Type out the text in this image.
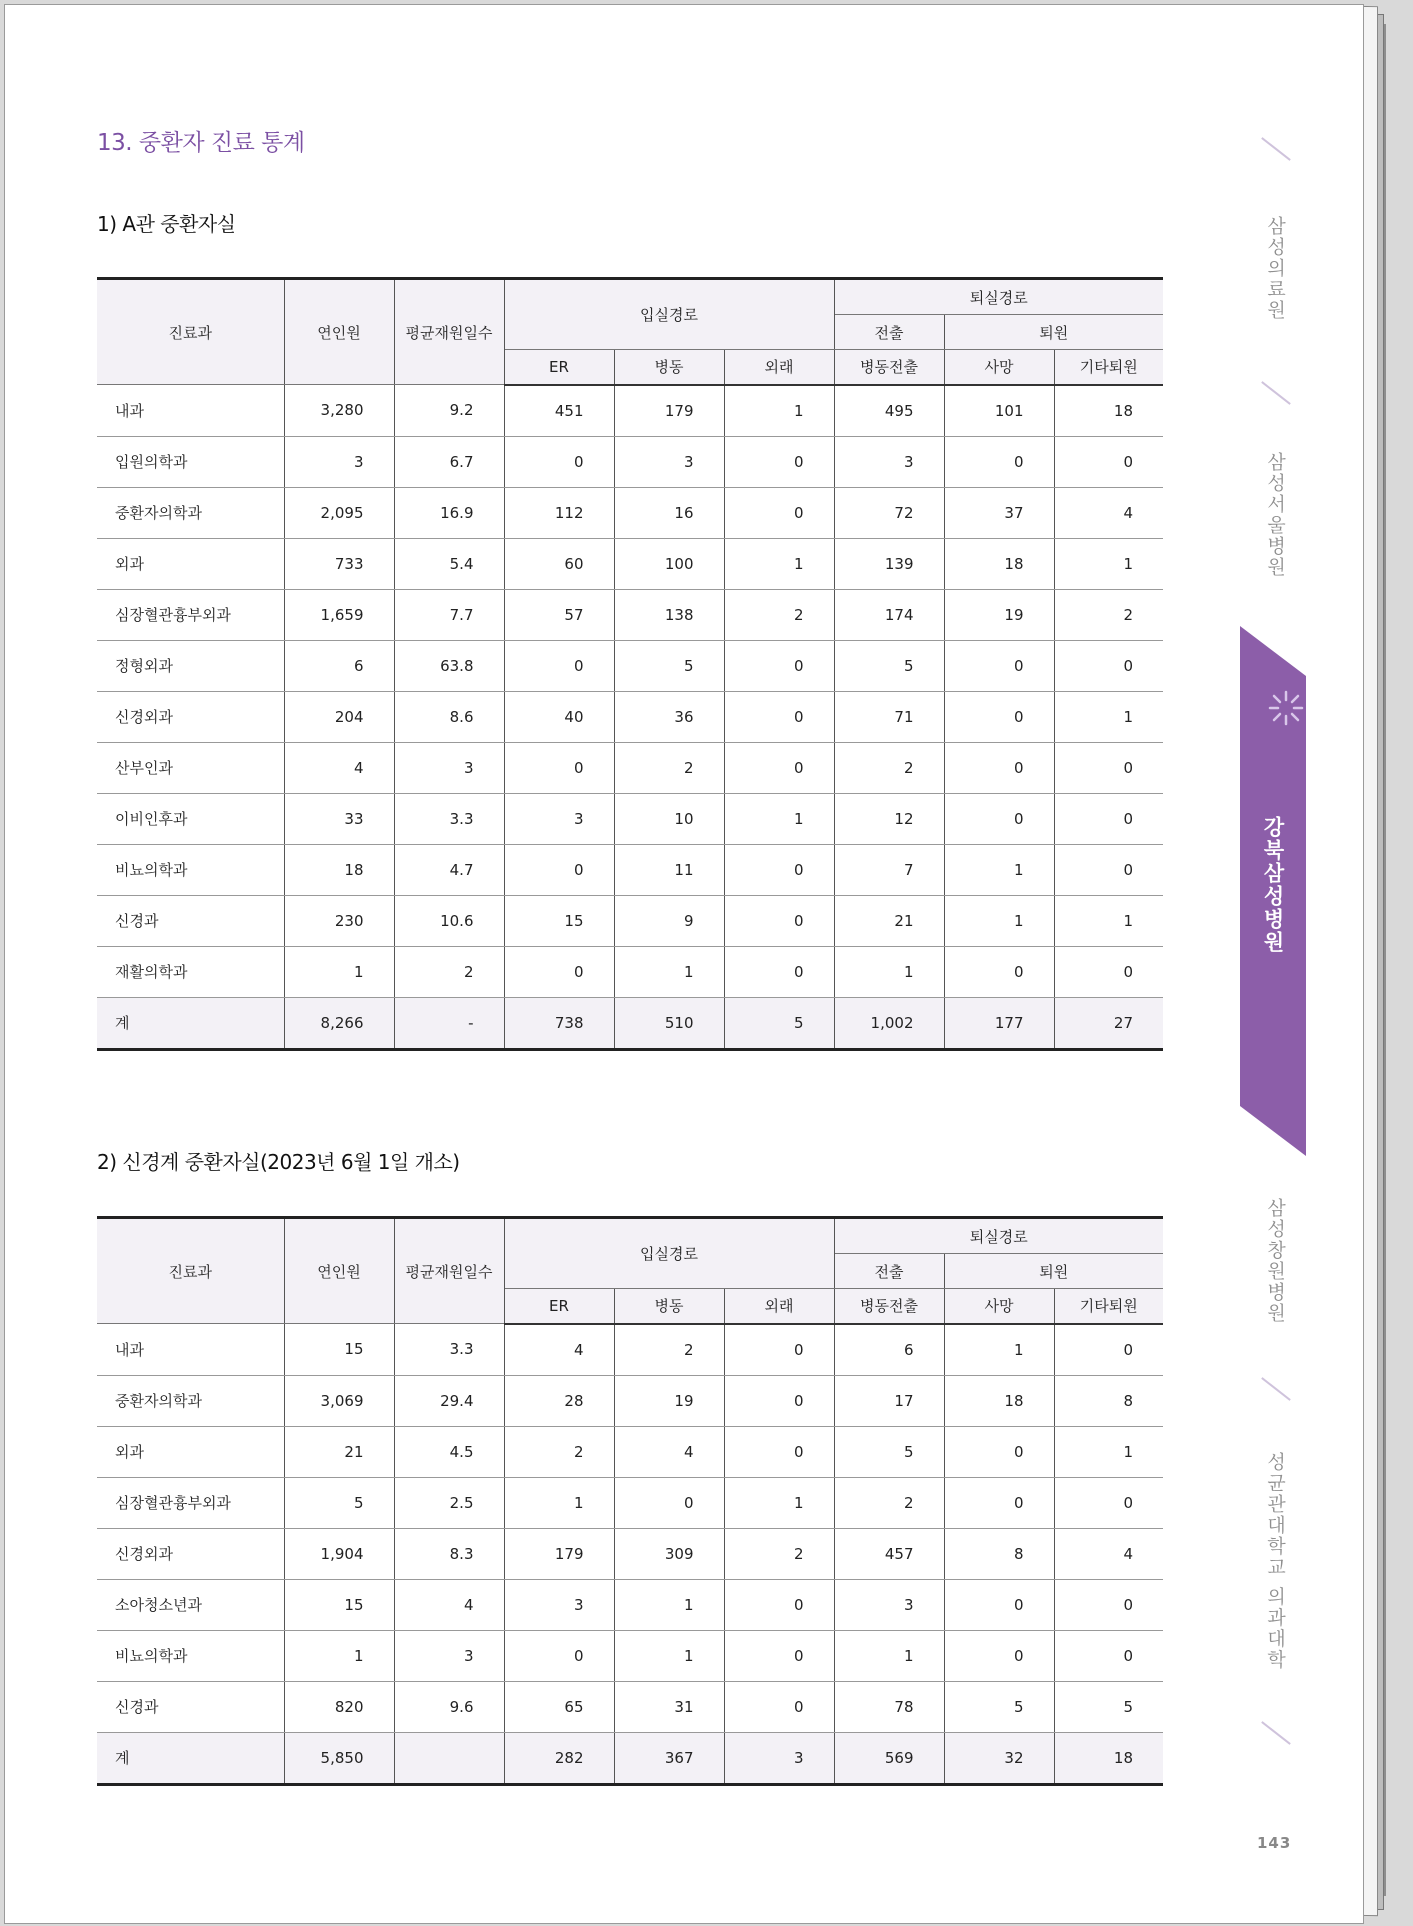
13. 중환자 진료 통계
1) A관 중환자실
진료과	연인원	평균재원일수	입실경로			퇴실경로		
						전출	퇴원	
			ER	병동	외래	병동전출	사망	기타퇴원
내과	3,280	9.2	451	179	1	495	101	18
입원의학과	3	6.7	0	3	0	3	0	0
중환자의학과	2,095	16.9	112	16	0	72	37	4
외과	733	5.4	60	100	1	139	18	1
심장혈관흉부외과	1,659	7.7	57	138	2	174	19	2
정형외과	6	63.8	0	5	0	5	0	0
신경외과	204	8.6	40	36	0	71	0	1
산부인과	4	3	0	2	0	2	0	0
이비인후과	33	3.3	3	10	1	12	0	0
비뇨의학과	18	4.7	0	11	0	7	1	0
신경과	230	10.6	15	9	0	21	1	1
재활의학과	1	2	0	1	0	1	0	0
계	8,266	-	738	510	5	1,002	177	27
2) 신경계 중환자실(2023년 6월 1일 개소)
진료과	연인원	평균재원일수	입실경로			퇴실경로		
						전출	퇴원	
			ER	병동	외래	병동전출	사망	기타퇴원
내과	15	3.3	4	2	0	6	1	0
중환자의학과	3,069	29.4	28	19	0	17	18	8
외과	21	4.5	2	4	0	5	0	1
심장혈관흉부외과	5	2.5	1	0	1	2	0	0
신경외과	1,904	8.3	179	309	2	457	8	4
소아청소년과	15	4	3	1	0	3	0	0
비뇨의학과	1	3	0	1	0	1	0	0
신경과	820	9.6	65	31	0	78	5	5
계	5,850		282	367	3	569	32	18
삼성의료원
삼성서울병원
강북삼성병원
삼성창원병원
성균관대학교 의과대학
143
